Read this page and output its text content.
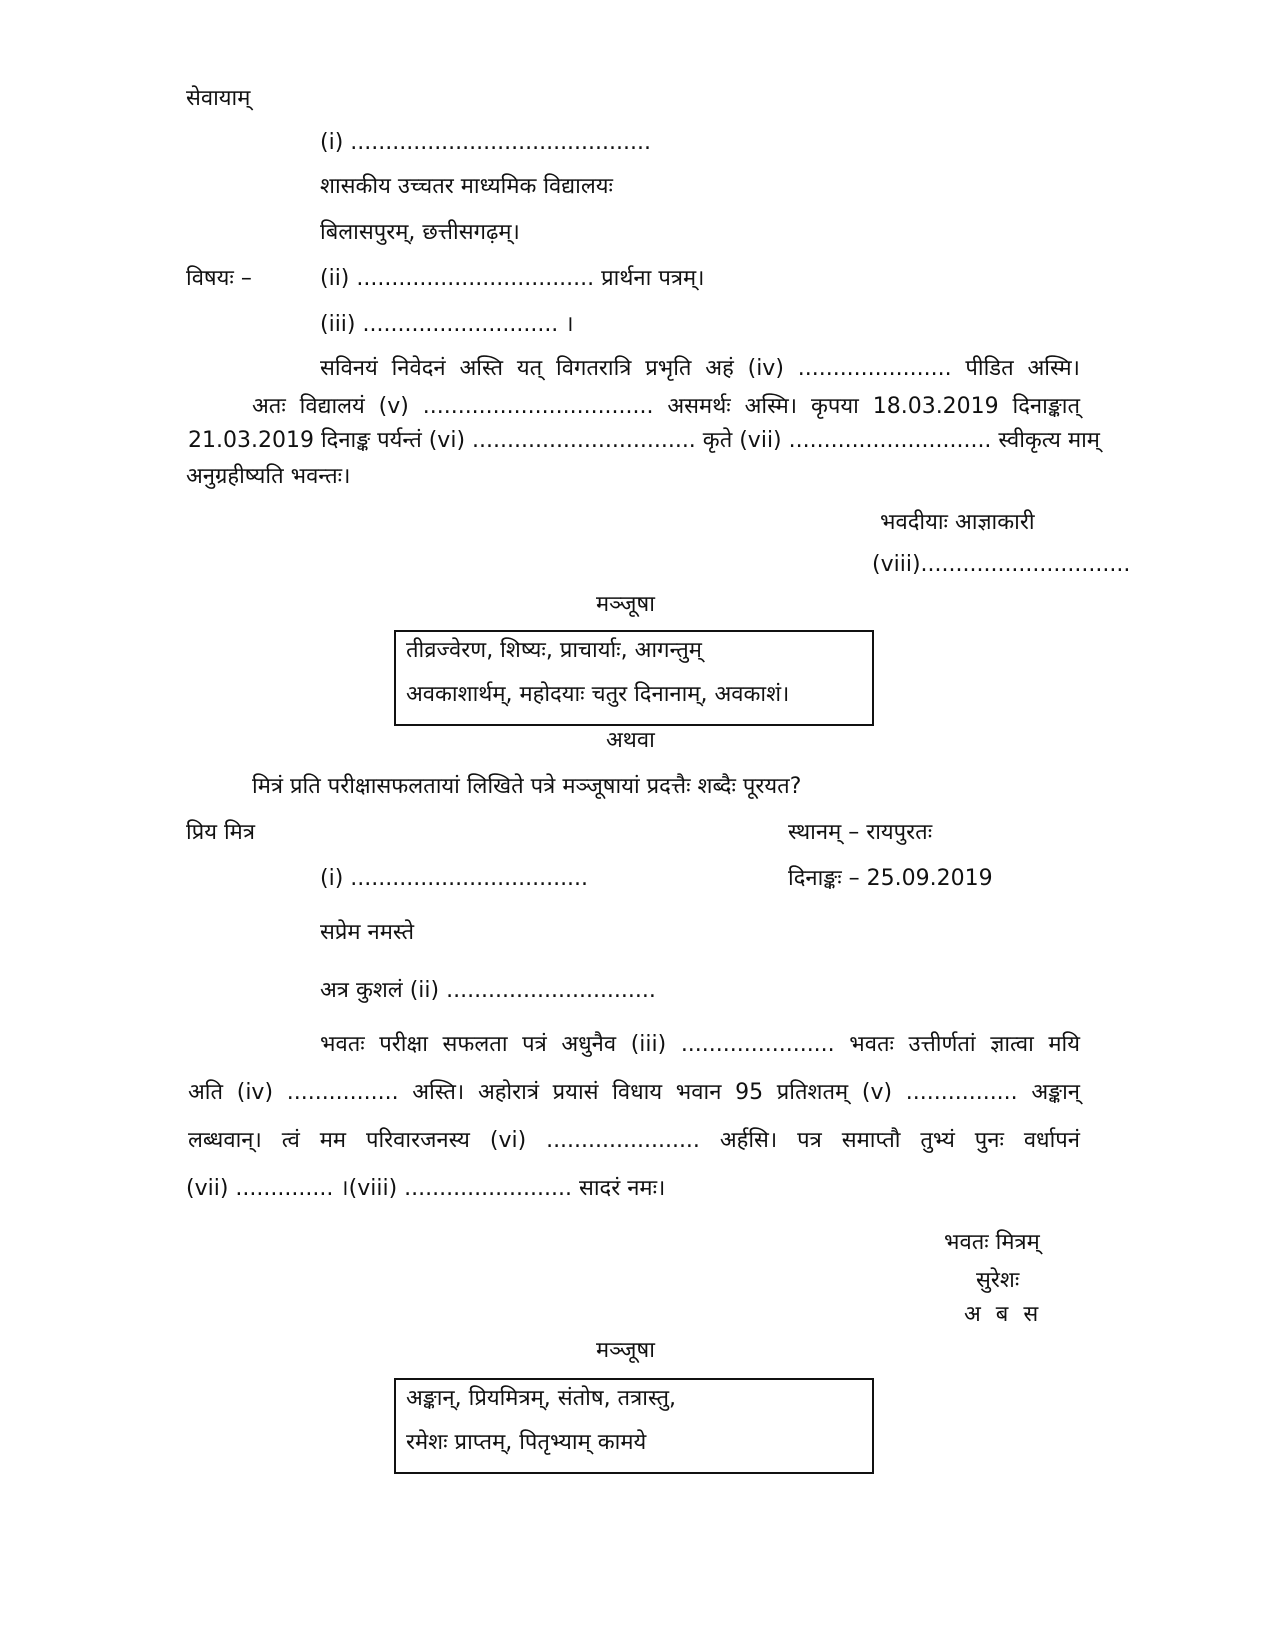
सेवायाम्
(i) ...........................................
शासकीय उच्चतर माध्यमिक विद्यालयः
बिलासपुरम्, छत्तीसगढ़म्।
विषयः –	(ii) .................................. प्रार्थना पत्रम्।
(iii) ............................ ।
सविनयं निवेदनं अस्ति यत् विगतरात्रि प्रभृति अहं (iv) ...................... पीडित अस्मि।
अतः विद्यालयं (v) ................................. असमर्थः अस्मि। कृपया 18.03.2019 दिनाङ्कात्
21.03.2019 दिनाङ्क पर्यन्तं (vi) ................................ कृते (vii) ............................. स्वीकृत्य माम्
अनुग्रहीष्यति भवन्तः।
भवदीयाः आज्ञाकारी
(viii)..............................
मञ्जूषा
तीव्रज्वेरण, शिष्यः, प्राचार्याः, आगन्तुम्
अवकाशार्थम्, महोदयाः चतुर दिनानाम्, अवकाशं।
अथवा
मित्रं प्रति परीक्षासफलतायां लिखिते पत्रे मञ्जूषायां प्रदत्तैः शब्दैः पूरयत?
प्रिय मित्र	स्थानम् – रायपुरतः
(i) ..................................	दिनाङ्कः – 25.09.2019
सप्रेम नमस्ते
अत्र कुशलं (ii) ..............................
भवतः परीक्षा सफलता पत्रं अधुनैव (iii) ...................... भवतः उत्तीर्णतां ज्ञात्वा मयि
अति (iv) ................ अस्ति। अहोरात्रं प्रयासं विधाय भवान 95 प्रतिशतम् (v) ................ अङ्कान्
लब्धवान्। त्वं मम परिवारजनस्य (vi) ...................... अर्हसि। पत्र समाप्तौ तुभ्यं पुनः वर्धापनं
(vii) .............. ।(viii) ........................ सादरं नमः।
भवतः मित्रम्
सुरेशः
अ ब स
मञ्जूषा
अङ्कान्, प्रियमित्रम्, संतोष, तत्रास्तु,
रमेशः प्राप्तम्, पितृभ्याम् कामये
